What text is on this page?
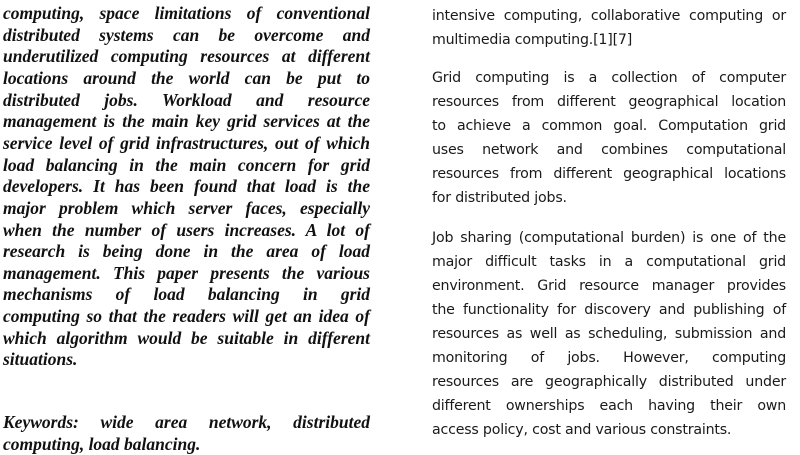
computing, space limitations of conventional
distributed systems can be overcome and
underutilized computing resources at different
locations around the world can be put to
distributed jobs. Workload and resource
management is the main key grid services at the
service level of grid infrastructures, out of which
load balancing in the main concern for grid
developers. It has been found that load is the
major problem which server faces, especially
when the number of users increases. A lot of
research is being done in the area of load
management. This paper presents the various
mechanisms of load balancing in grid
computing so that the readers will get an idea of
which algorithm would be suitable in different
situations.
Keywords: wide area network, distributed
computing, load balancing.
intensive computing, collaborative computing or
multimedia computing.[1][7]
Grid computing is a collection of computer
resources from different geographical location
to achieve a common goal. Computation grid
uses network and combines computational
resources from different geographical locations
for distributed jobs.
Job sharing (computational burden) is one of the
major difficult tasks in a computational grid
environment. Grid resource manager provides
the functionality for discovery and publishing of
resources as well as scheduling, submission and
monitoring of jobs. However, computing
resources are geographically distributed under
different ownerships each having their own
access policy, cost and various constraints.
